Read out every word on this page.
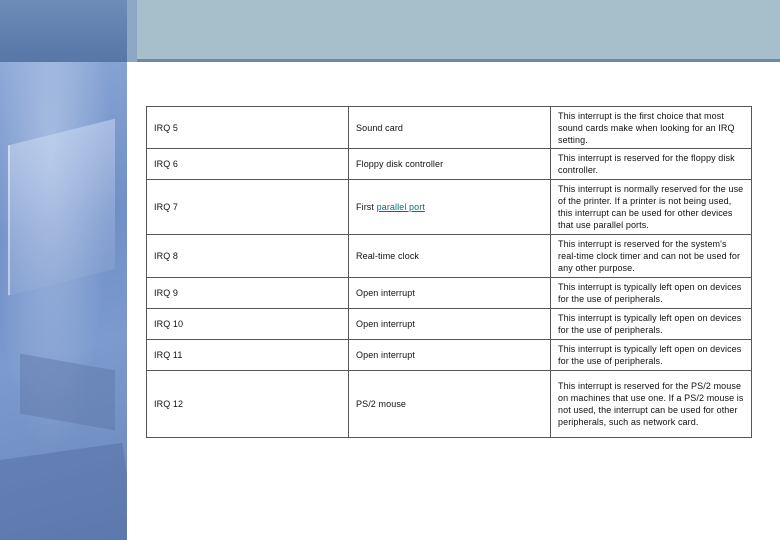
IRQ 5	Sound card	This interrupt is the first choice that most sound cards make when looking for an IRQ setting.
IRQ 6	Floppy disk controller	This interrupt is reserved for the floppy disk controller.
IRQ 7	First parallel port	This interrupt is normally reserved for the use of the printer. If a printer is not being used, this interrupt can be used for other devices that use parallel ports.
IRQ 8	Real-time clock	This interrupt is reserved for the system's real-time clock timer and can not be used for any other purpose.
IRQ 9	Open interrupt	This interrupt is typically left open on devices for the use of peripherals.
IRQ 10	Open interrupt	This interrupt is typically left open on devices for the use of peripherals.
IRQ 11	Open interrupt	This interrupt is typically left open on devices for the use of peripherals.
IRQ 12	PS/2 mouse	This interrupt is reserved for the PS/2 mouse on machines that use one. If a PS/2 mouse is not used, the interrupt can be used for other peripherals, such as network card.
